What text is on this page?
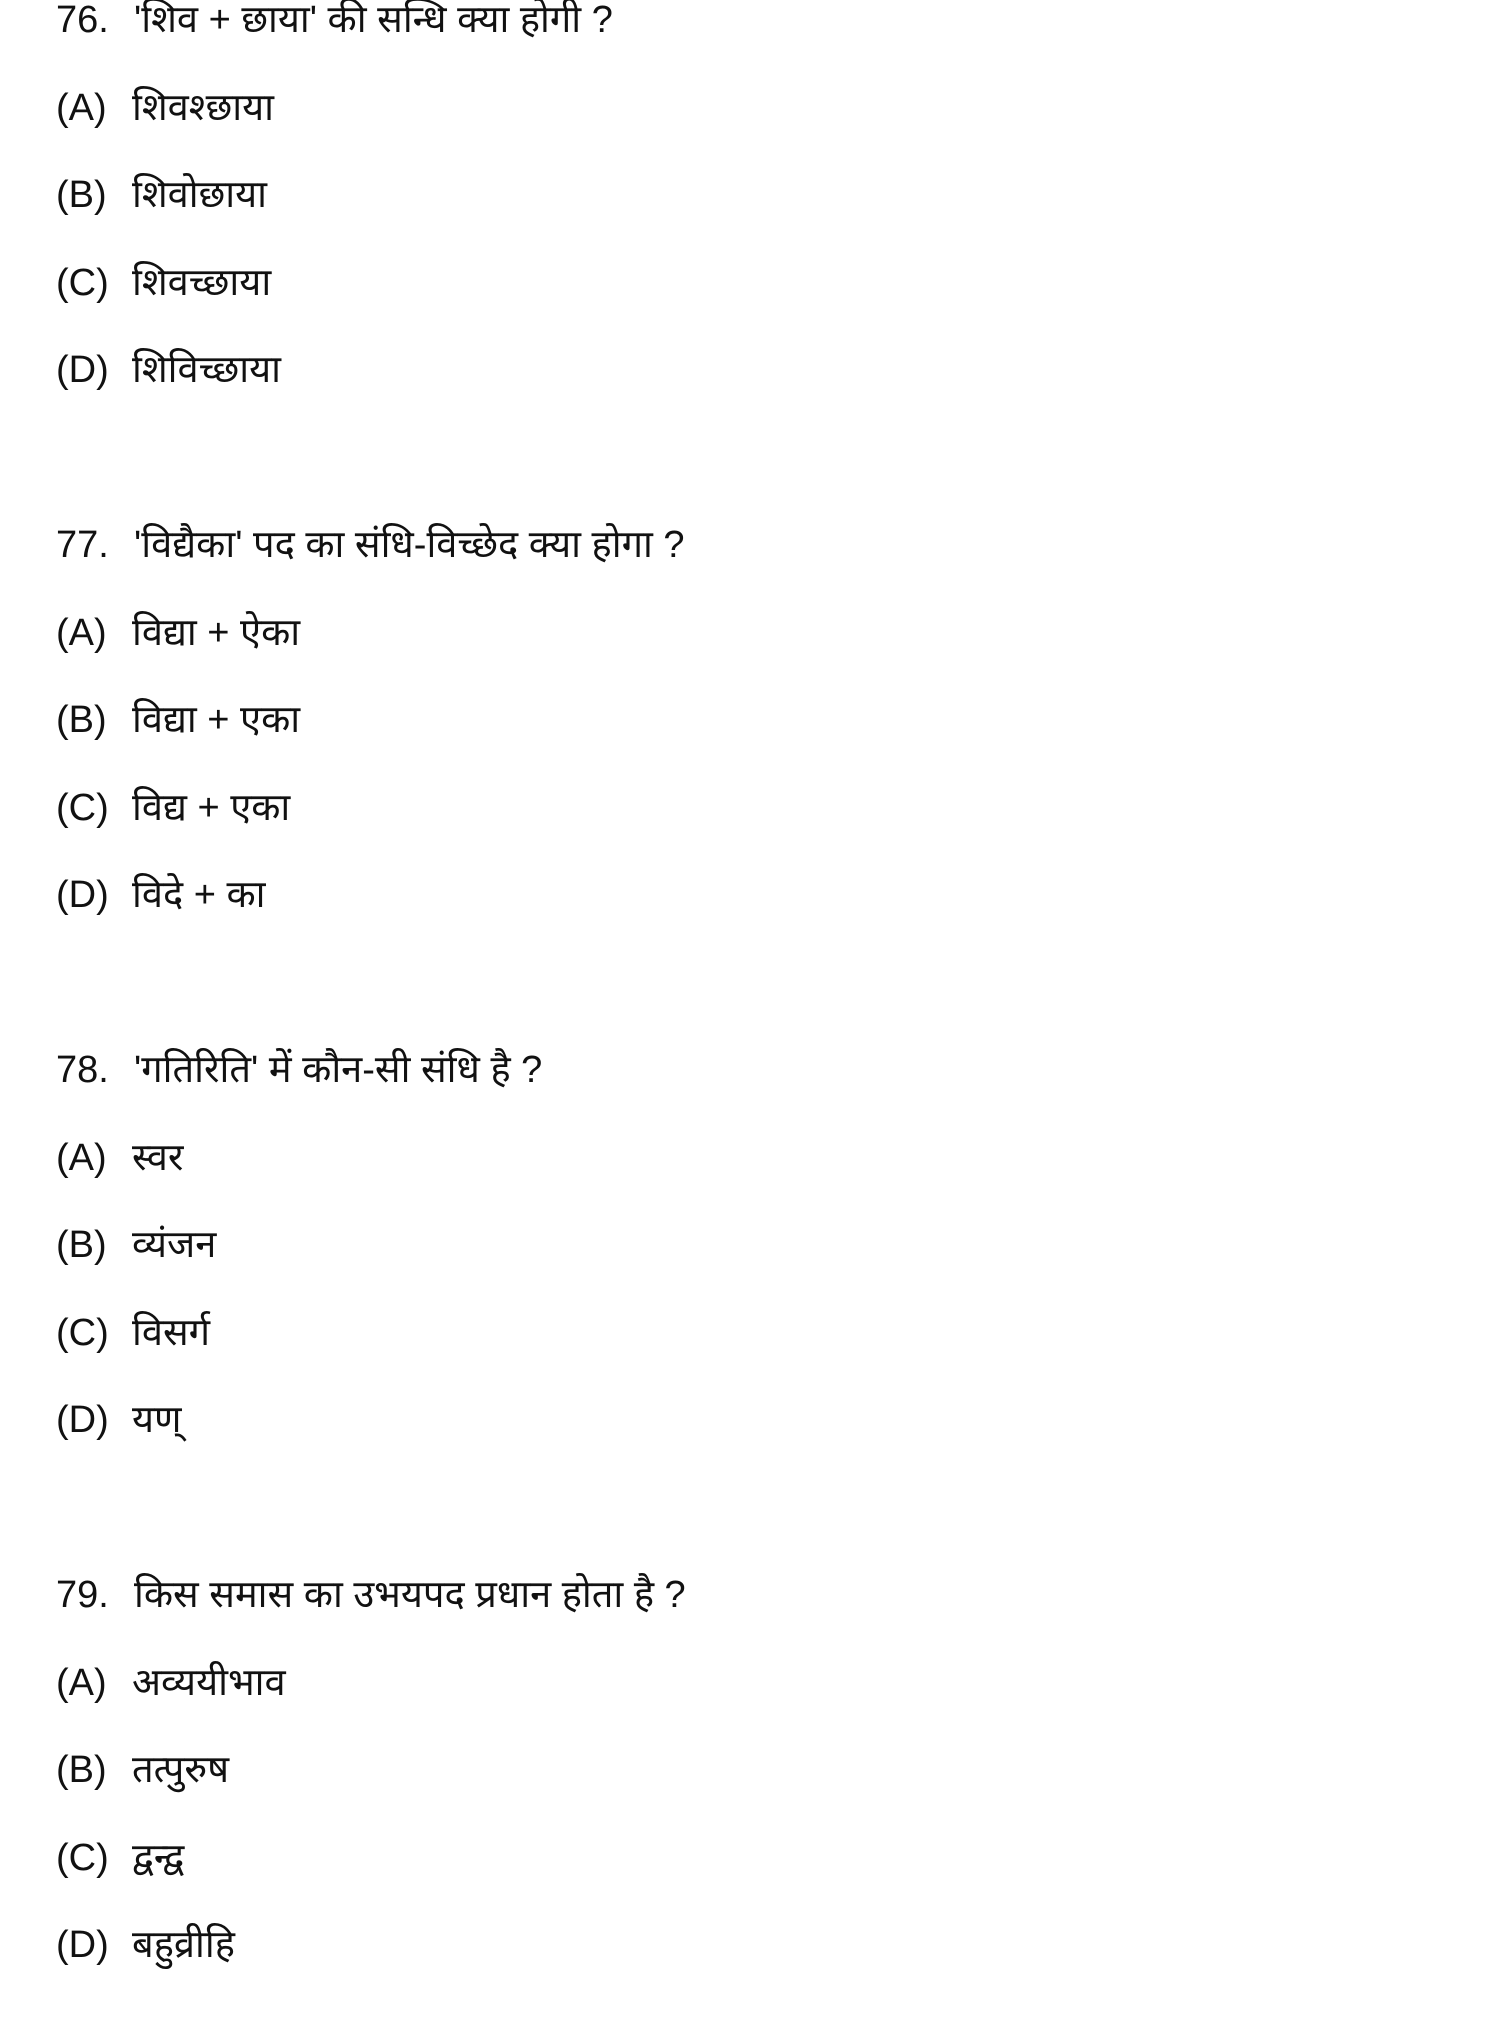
76. 'शिव + छाया' की सन्धि क्या होगी ?
(A) शिवश्छाया
(B) शिवोछाया
(C) शिवच्छाया
(D) शिविच्छाया
77. 'विद्यैका' पद का संधि-विच्छेद क्या होगा ?
(A) विद्या + ऐका
(B) विद्या + एका
(C) विद्य + एका
(D) विदे + का
78. 'गतिरिति' में कौन-सी संधि है ?
(A) स्वर
(B) व्यंजन
(C) विसर्ग
(D) यण्
79. किस समास का उभयपद प्रधान होता है ?
(A) अव्ययीभाव
(B) तत्पुरुष
(C) द्वन्द्व
(D) बहुव्रीहि
